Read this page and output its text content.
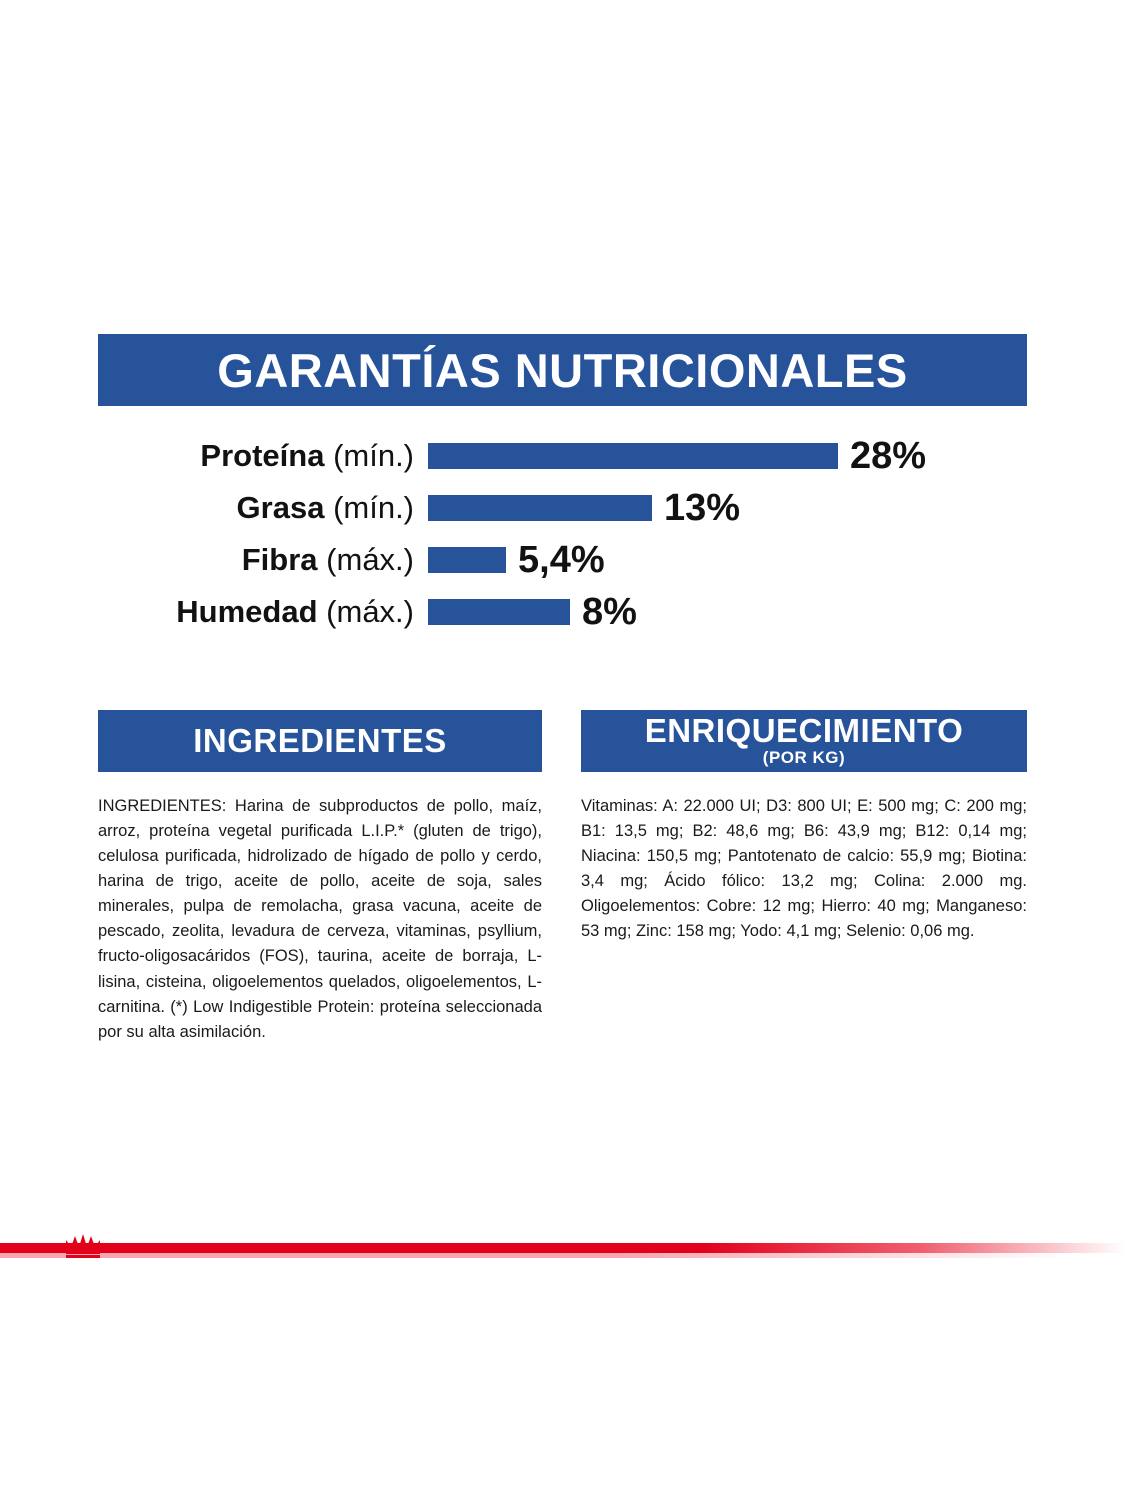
GARANTÍAS NUTRICIONALES
Proteína (mín.)	28%
Grasa (mín.)	13%
Fibra (máx.)	5,4%
Humedad (máx.)	8%
INGREDIENTES
INGREDIENTES: Harina de subproductos de pollo, maíz, arroz, proteína vegetal purificada L.I.P.* (gluten de trigo), celulosa purificada, hidrolizado de hígado de pollo y cerdo, harina de trigo, aceite de pollo, aceite de soja, sales minerales, pulpa de remolacha, grasa vacuna, aceite de pescado, zeolita, levadura de cerveza, vitaminas, psyllium, fructo-oligosacáridos (FOS), taurina, aceite de borraja, L-lisina, cisteina, oligoelementos quelados, oligoelementos, L-carnitina. (*) Low Indigestible Protein: proteína seleccionada por su alta asimilación.
ENRIQUECIMIENTO
(POR KG)
Vitaminas: A: 22.000 UI; D3: 800 UI; E: 500 mg; C: 200 mg; B1: 13,5 mg; B2: 48,6 mg; B6: 43,9 mg; B12: 0,14 mg; Niacina: 150,5 mg; Pantotenato de calcio: 55,9 mg; Biotina: 3,4 mg; Ácido fólico: 13,2 mg; Colina: 2.000 mg. Oligoelementos: Cobre: 12 mg; Hierro: 40 mg; Manganeso: 53 mg; Zinc: 158 mg; Yodo: 4,1 mg; Selenio: 0,06 mg.
